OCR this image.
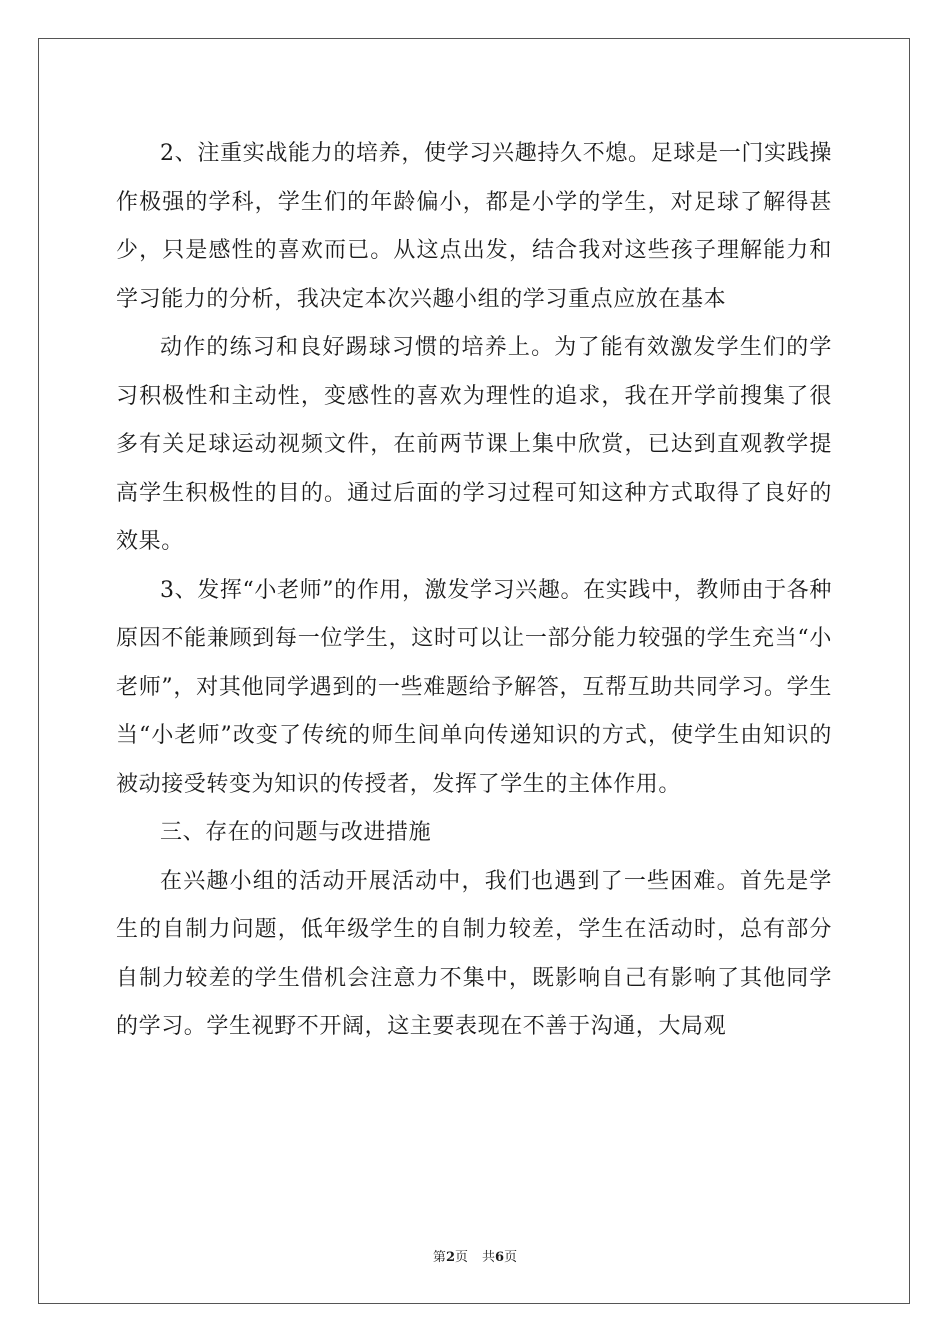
2、注重实战能力的培养，使学习兴趣持久不熄。足球是一门实践操作极强的学科，学生们的年龄偏小，都是小学的学生，对足球了解得甚少，只是感性的喜欢而已。从这点出发，结合我对这些孩子理解能力和学习能力的分析，我决定本次兴趣小组的学习重点应放在基本

动作的练习和良好踢球习惯的培养上。为了能有效激发学生们的学习积极性和主动性，变感性的喜欢为理性的追求，我在开学前搜集了很多有关足球运动视频文件，在前两节课上集中欣赏，已达到直观教学提高学生积极性的目的。通过后面的学习过程可知这种方式取得了良好的效果。

3、发挥“小老师”的作用，激发学习兴趣。在实践中，教师由于各种原因不能兼顾到每一位学生，这时可以让一部分能力较强的学生充当“小老师”，对其他同学遇到的一些难题给予解答，互帮互助共同学习。学生当“小老师”改变了传统的师生间单向传递知识的方式，使学生由知识的被动接受转变为知识的传授者，发挥了学生的主体作用。

三、存在的问题与改进措施

在兴趣小组的活动开展活动中，我们也遇到了一些困难。首先是学生的自制力问题，低年级学生的自制力较差，学生在活动时，总有部分自制力较差的学生借机会注意力不集中，既影响自己有影响了其他同学的学习。学生视野不开阔，这主要表现在不善于沟通，大局观

第2页 共6页
